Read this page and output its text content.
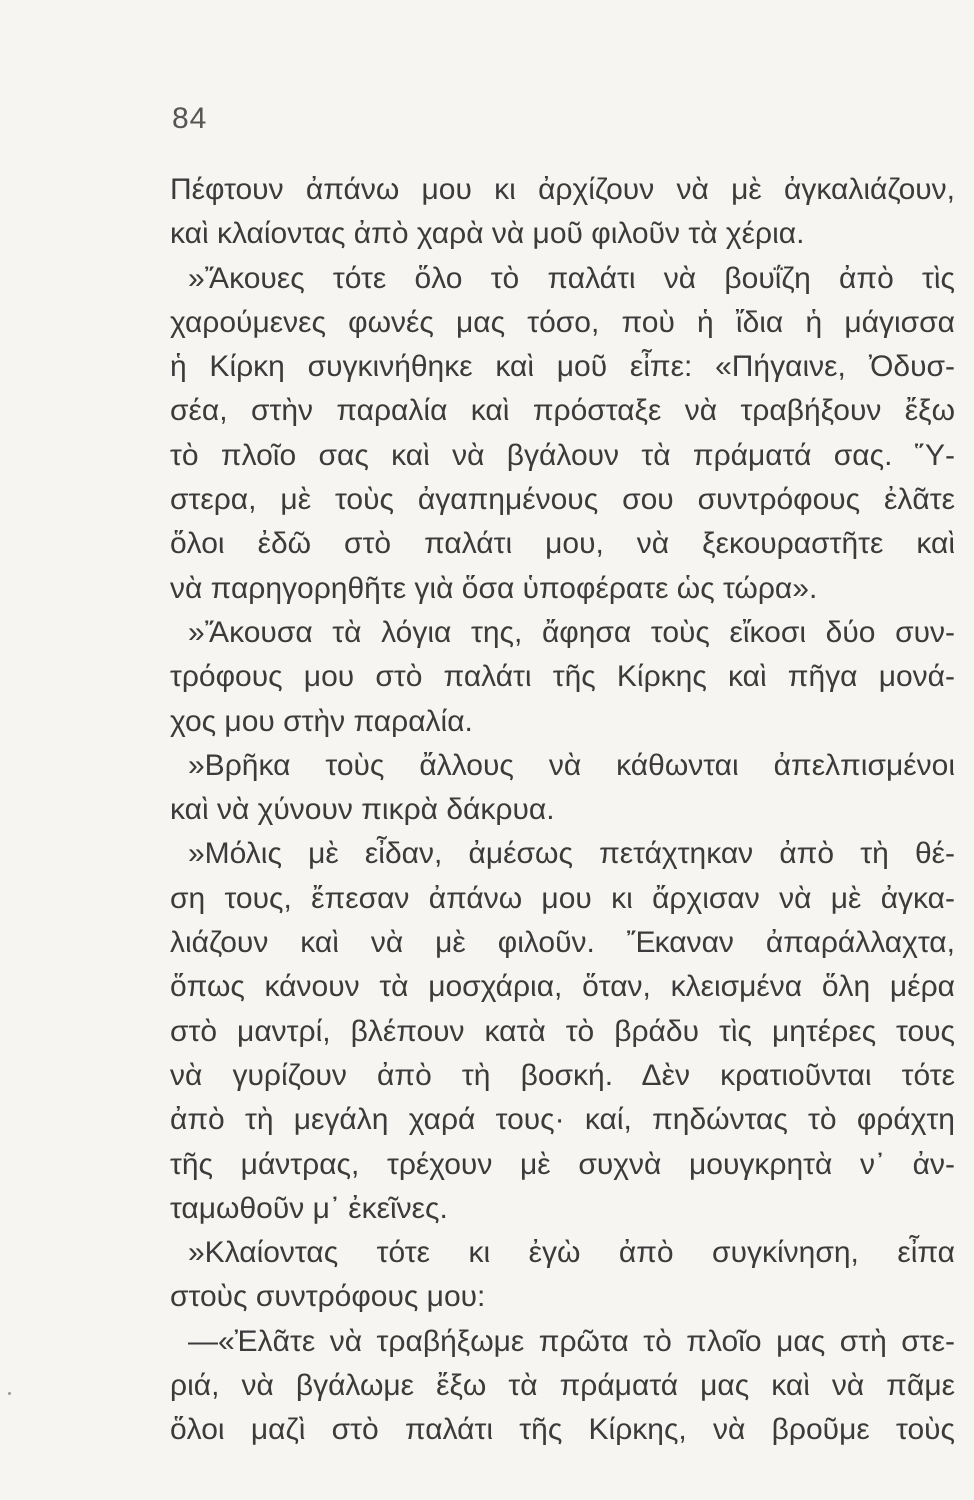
84
Πέφτουν ἀπάνω μου κι ἀρχίζουν νὰ μὲ ἀγκαλιάζουν,
καὶ κλαίοντας ἀπὸ χαρὰ νὰ μοῦ φιλοῦν τὰ χέρια.
»Ἄκουες τότε ὅλο τὸ παλάτι νὰ βουΐζη ἀπὸ τὶς
χαρούμενες φωνές μας τόσο, ποὺ ἡ ἴδια ἡ μάγισσα
ἡ Κίρκη συγκινήθηκε καὶ μοῦ εἶπε: «Πήγαινε, Ὀδυσ-
σέα, στὴν παραλία καὶ πρόσταξε νὰ τραβήξουν ἔξω
τὸ πλοῖο σας καὶ νὰ βγάλουν τὰ πράματά σας. Ὕ-
στερα, μὲ τοὺς ἀγαπημένους σου συντρόφους ἐλᾶτε
ὅλοι ἐδῶ στὸ παλάτι μου, νὰ ξεκουραστῆτε καὶ
νὰ παρηγορηθῆτε γιὰ ὅσα ὑποφέρατε ὡς τώρα».
»Ἄκουσα τὰ λόγια της, ἄφησα τοὺς εἴκοσι δύο συν-
τρόφους μου στὸ παλάτι τῆς Κίρκης καὶ πῆγα μονά-
χος μου στὴν παραλία.
»Βρῆκα τοὺς ἄλλους νὰ κάθωνται ἀπελπισμένοι
καὶ νὰ χύνουν πικρὰ δάκρυα.
»Μόλις μὲ εἶδαν, ἀμέσως πετάχτηκαν ἀπὸ τὴ θέ-
ση τους, ἔπεσαν ἀπάνω μου κι ἄρχισαν νὰ μὲ ἀγκα-
λιάζουν καὶ νὰ μὲ φιλοῦν. Ἔκαναν ἀπαράλλαχτα,
ὅπως κάνουν τὰ μοσχάρια, ὅταν, κλεισμένα ὅλη μέρα
στὸ μαντρί, βλέπουν κατὰ τὸ βράδυ τὶς μητέρες τους
νὰ γυρίζουν ἀπὸ τὴ βοσκή. Δὲν κρατιοῦνται τότε
ἀπὸ τὴ μεγάλη χαρά τους· καί, πηδώντας τὸ φράχτη
τῆς μάντρας, τρέχουν μὲ συχνὰ μουγκρητὰ ν᾿ ἀν-
ταμωθοῦν μ᾿ ἐκεῖνες.
»Κλαίοντας τότε κι ἐγὼ ἀπὸ συγκίνηση, εἶπα
στοὺς συντρόφους μου:
—«Ἐλᾶτε νὰ τραβήξωμε πρῶτα τὸ πλοῖο μας στὴ στε-
ριά, νὰ βγάλωμε ἔξω τὰ πράματά μας καὶ νὰ πᾶμε
ὅλοι μαζὶ στὸ παλάτι τῆς Κίρκης, νὰ βροῦμε τοὺς
